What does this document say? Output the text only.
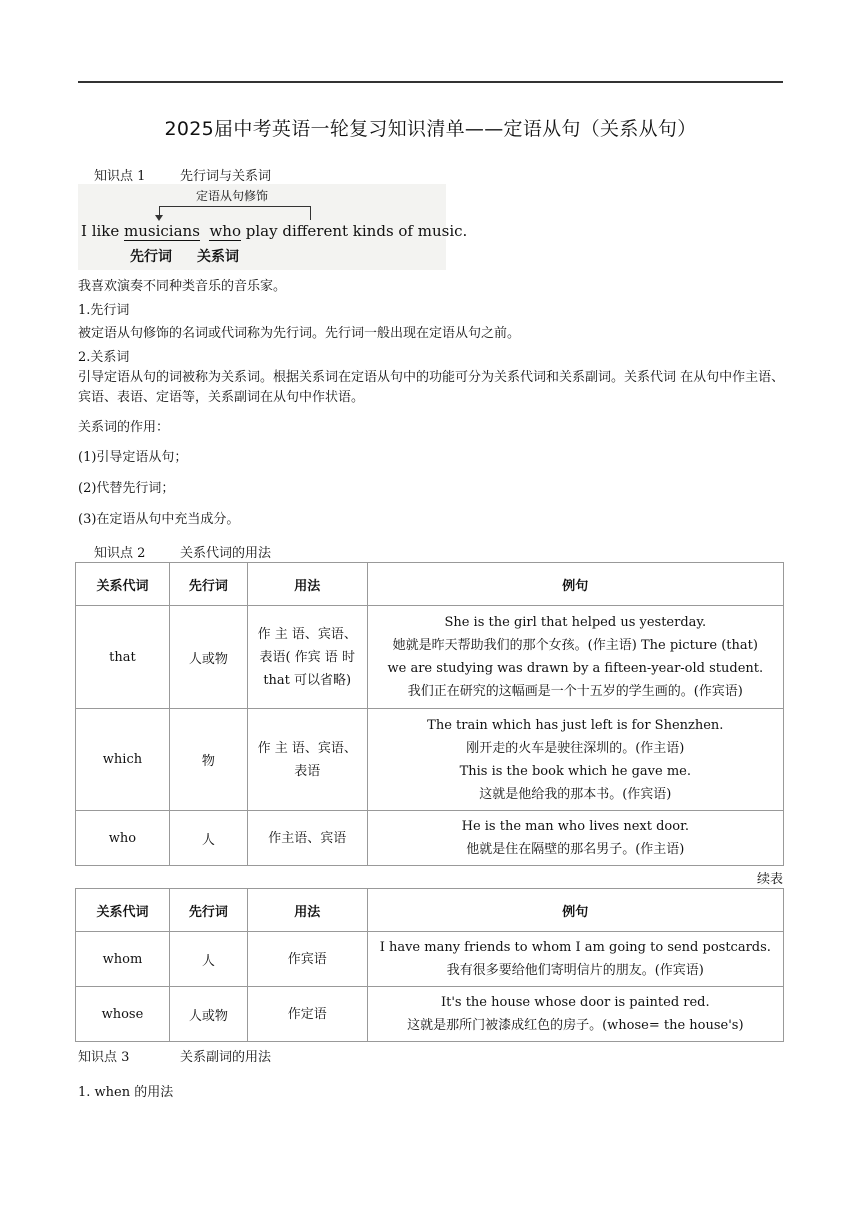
2025届中考英语一轮复习知识清单——定语从句（关系从句）
知识点 1	先行词与关系词
定语从句修饰
I like musicians who play different kinds of music.
先行词 关系词
我喜欢演奏不同种类音乐的音乐家。
1.先行词
被定语从句修饰的名词或代词称为先行词。先行词一般出现在定语从句之前。
2.关系词
引导定语从句的词被称为关系词。根据关系词在定语从句中的功能可分为关系代词和关系副词。关系代词 在从句中作主语、宾语、表语、定语等，关系副词在从句中作状语。
关系词的作用：
(1)引导定语从句；
(2)代替先行词；
(3)在定语从句中充当成分。
知识点 2	关系代词的用法
关系代词	先行词	用法	例句
that	人或物	作 主 语、宾语、表语( 作宾 语 时 that 可以省略)	She is the girl that helped us yesterday.
她就是昨天帮助我们的那个女孩。(作主语) The picture (that)
we are studying was drawn by a fifteen-year-old student.
我们正在研究的这幅画是一个十五岁的学生画的。(作宾语)

which	物	作 主 语、宾语、表语	The train which has just left is for Shenzhen.
刚开走的火车是驶往深圳的。(作主语)
This is the book which he gave me.
这就是他给我的那本书。(作宾语)

who	人	作主语、宾语	He is the man who lives next door.
他就是住在隔壁的那名男子。(作主语)
续表
关系代词	先行词	用法	例句
whom	人	作宾语	I have many friends to whom I am going to send postcards.
我有很多要给他们寄明信片的朋友。(作宾语)

whose	人或物	作定语	It's the house whose door is painted red.
这就是那所门被漆成红色的房子。(whose= the house's)
知识点 3	关系副词的用法
1. when 的用法
